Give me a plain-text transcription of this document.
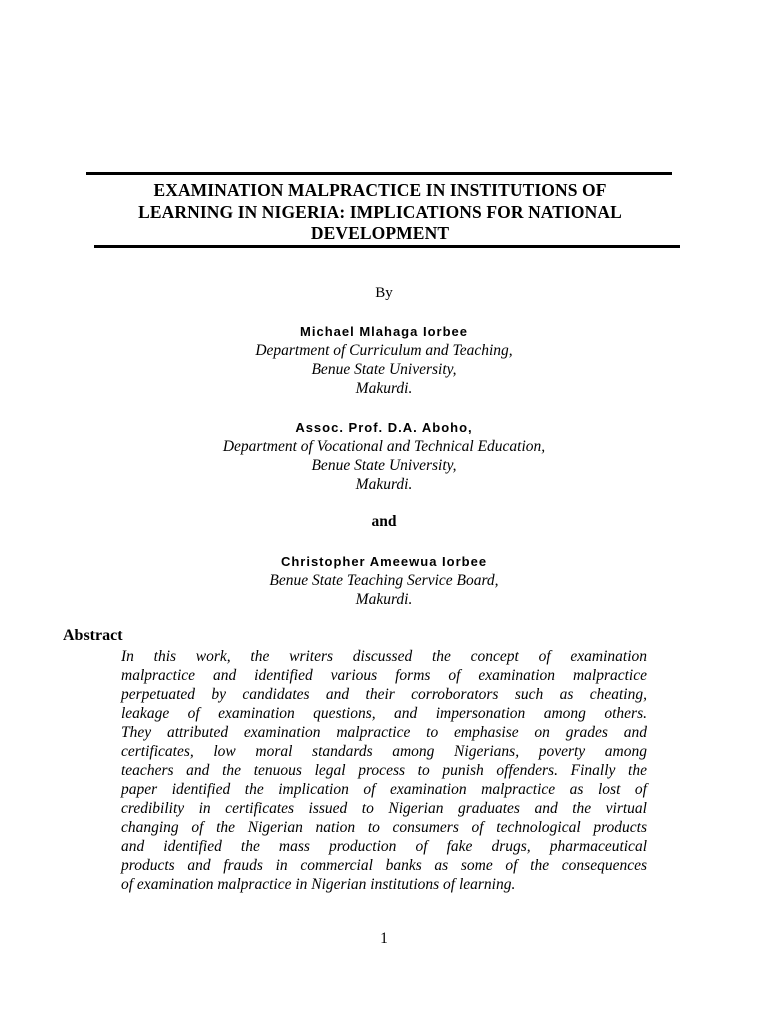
EXAMINATION MALPRACTICE IN INSTITUTIONS OF
LEARNING IN NIGERIA: IMPLICATIONS FOR NATIONAL
DEVELOPMENT
By
Michael Mlahaga Iorbee
Department of Curriculum and Teaching,
Benue State University,
Makurdi.
Assoc. Prof. D.A. Aboho,
Department of Vocational and Technical Education,
Benue State University,
Makurdi.
and
Christopher Ameewua Iorbee
Benue State Teaching Service Board,
Makurdi.
Abstract
In this work, the writers discussed the concept of examination
malpractice and identified various forms of examination malpractice
perpetuated by candidates and their corroborators such as cheating,
leakage of examination questions, and impersonation among others.
They attributed examination malpractice to emphasise on grades and
certificates, low moral standards among Nigerians, poverty among
teachers and the tenuous legal process to punish offenders. Finally the
paper identified the implication of examination malpractice as lost of
credibility in certificates issued to Nigerian graduates and the virtual
changing of the Nigerian nation to consumers of technological products
and identified the mass production of fake drugs, pharmaceutical
products and frauds in commercial banks as some of the consequences
of examination malpractice in Nigerian institutions of learning.
1
